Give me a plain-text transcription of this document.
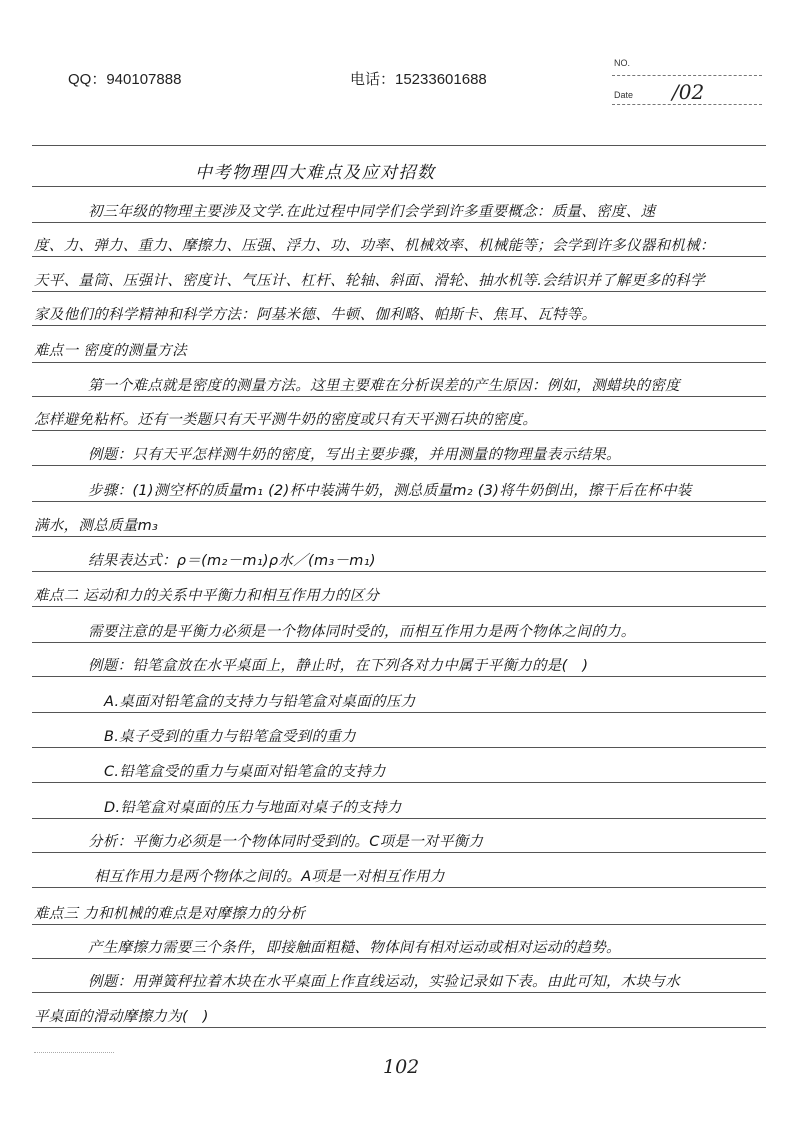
QQ：940107888	电话：15233601688
NO.
Date /02
中考物理四大难点及应对招数
初三年级的物理主要涉及文学.在此过程中同学们会学到许多重要概念：质量、密度、速
度、力、弹力、重力、摩擦力、压强、浮力、功、功率、机械效率、机械能等；会学到许多仪器和机械：
天平、量筒、压强计、密度计、气压计、杠杆、轮轴、斜面、滑轮、抽水机等.会结识并了解更多的科学
家及他们的科学精神和科学方法：阿基米德、牛顿、伽利略、帕斯卡、焦耳、瓦特等。
难点一 密度的测量方法
第一个难点就是密度的测量方法。这里主要难在分析误差的产生原因：例如，测蜡块的密度
怎样避免粘杯。还有一类题只有天平测牛奶的密度或只有天平测石块的密度。
例题：只有天平怎样测牛奶的密度，写出主要步骤，并用测量的物理量表示结果。
步骤：(1)测空杯的质量m₁ (2)杯中装满牛奶，测总质量m₂ (3)将牛奶倒出，擦干后在杯中装
满水，测总质量m₃
结果表达式：ρ＝(m₂－m₁)ρ水／(m₃－m₁)
难点二 运动和力的关系中平衡力和相互作用力的区分
需要注意的是平衡力必须是一个物体同时受的，而相互作用力是两个物体之间的力。
例题：铅笔盒放在水平桌面上，静止时，在下列各对力中属于平衡力的是(　)
A.桌面对铅笔盒的支持力与铅笔盒对桌面的压力
B.桌子受到的重力与铅笔盒受到的重力
C.铅笔盒受的重力与桌面对铅笔盒的支持力
D.铅笔盒对桌面的压力与地面对桌子的支持力
分析：平衡力必须是一个物体同时受到的。C项是一对平衡力
相互作用力是两个物体之间的。A项是一对相互作用力
难点三 力和机械的难点是对摩擦力的分析
产生摩擦力需要三个条件，即接触面粗糙、物体间有相对运动或相对运动的趋势。
例题：用弹簧秤拉着木块在水平桌面上作直线运动，实验记录如下表。由此可知，木块与水
平桌面的滑动摩擦力为(　)
102
